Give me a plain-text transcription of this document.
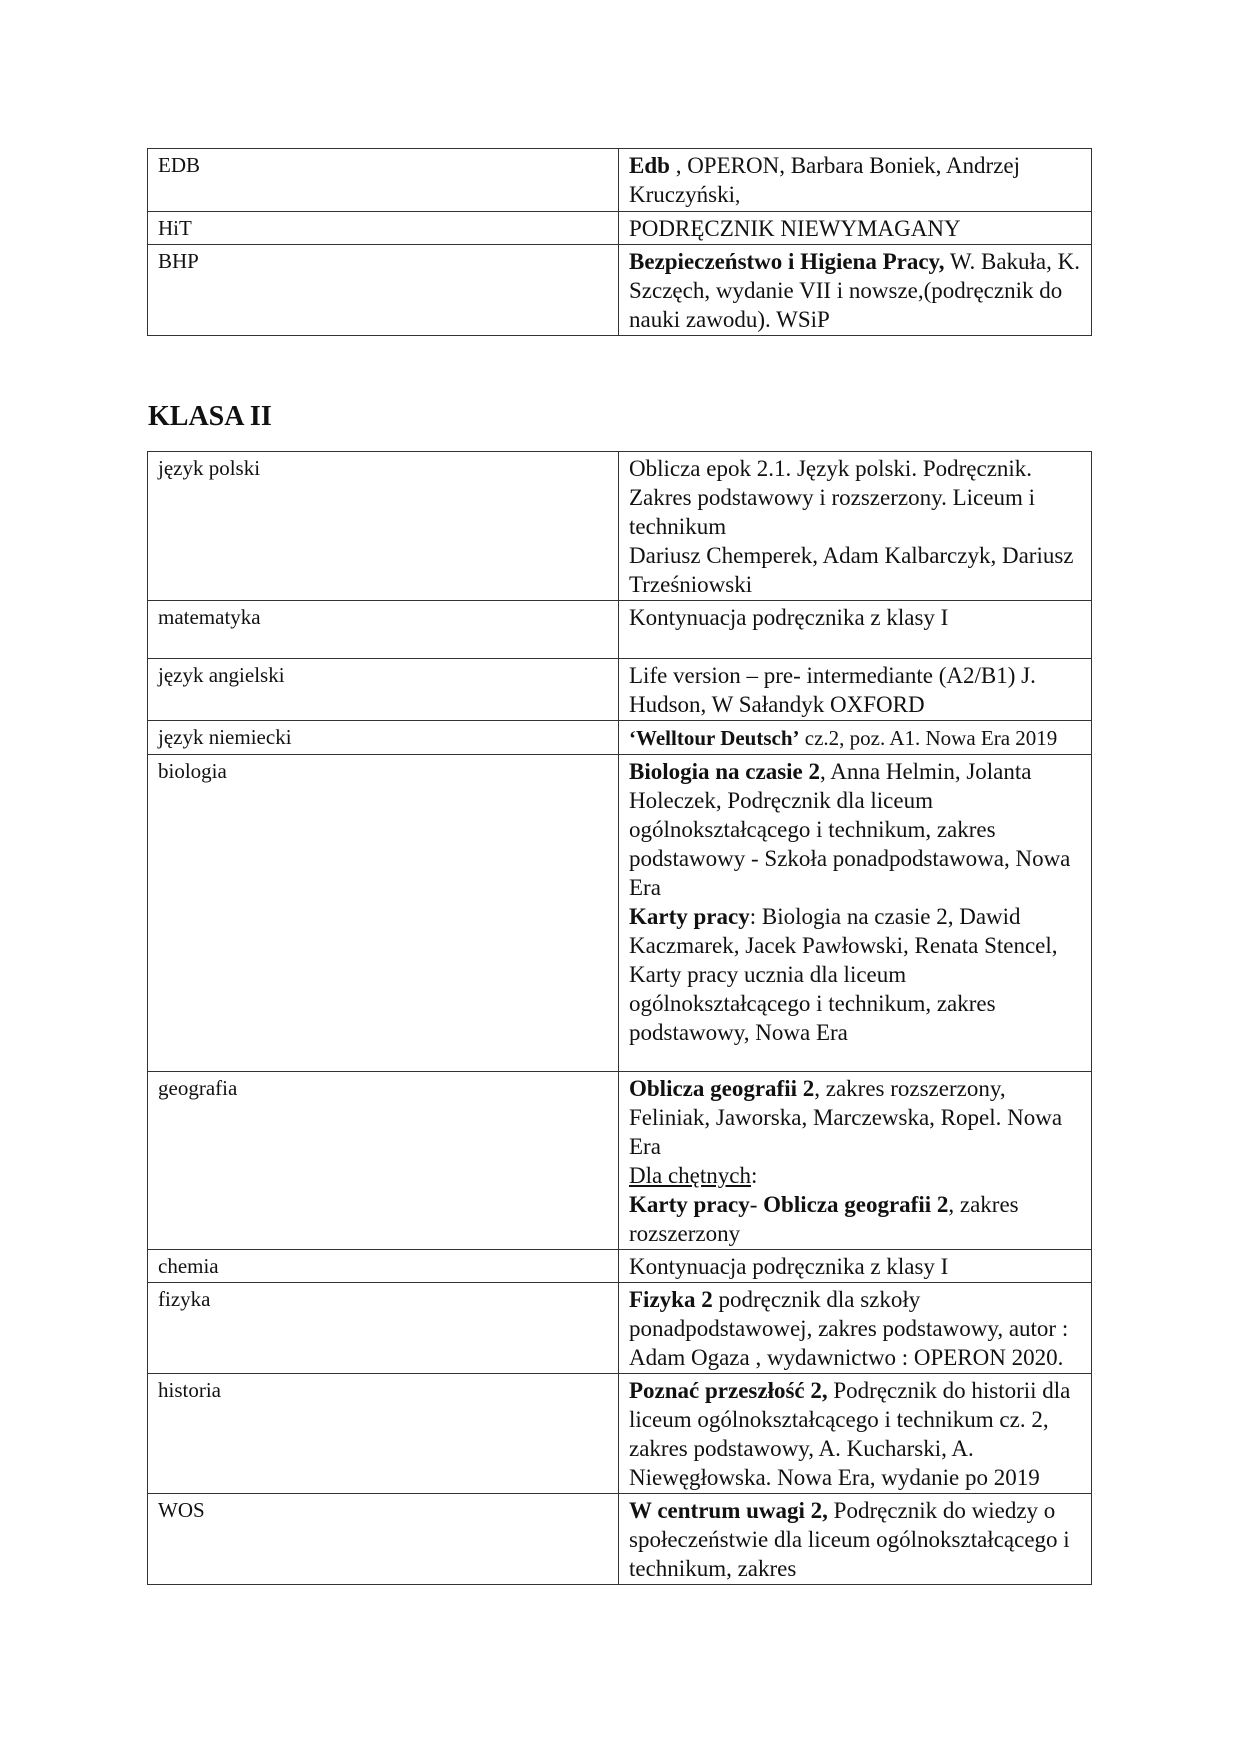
EDB	Edb , OPERON, Barbara Boniek, Andrzej Kruczyński,
HiT	PODRĘCZNIK NIEWYMAGANY
BHP	Bezpieczeństwo i Higiena Pracy, W. Bakuła, K. Szczęch, wydanie VII i nowsze,(podręcznik do nauki zawodu). WSiP
KLASA II
język polski	Oblicza epok 2.1. Język polski. Podręcznik. Zakres podstawowy i rozszerzony. Liceum i technikum
Dariusz Chemperek, Adam Kalbarczyk, Dariusz Trześniowski
matematyka	Kontynuacja podręcznika z klasy I
język angielski	Life version – pre- intermediante (A2/B1) J. Hudson, W Sałandyk OXFORD
język niemiecki	‘Welltour Deutsch’ cz.2, poz. A1. Nowa Era 2019
biologia	Biologia na czasie 2, Anna Helmin, Jolanta Holeczek, Podręcznik dla liceum ogólnokształcącego i technikum, zakres podstawowy - Szkoła ponadpodstawowa, Nowa Era
Karty pracy: Biologia na czasie 2, Dawid Kaczmarek, Jacek Pawłowski, Renata Stencel, Karty pracy ucznia dla liceum ogólnokształcącego i technikum, zakres podstawowy, Nowa Era
geografia	Oblicza geografii 2, zakres rozszerzony, Feliniak, Jaworska, Marczewska, Ropel. Nowa Era
Dla chętnych:
Karty pracy- Oblicza geografii 2, zakres rozszerzony
chemia	Kontynuacja podręcznika z klasy I
fizyka	Fizyka 2 podręcznik dla szkoły ponadpodstawowej, zakres podstawowy, autor : Adam Ogaza , wydawnictwo : OPERON 2020.
historia	Poznać przeszłość 2, Podręcznik do historii dla liceum ogólnokształcącego i technikum cz. 2, zakres podstawowy, A. Kucharski, A. Niewęgłowska. Nowa Era, wydanie po 2019
WOS	W centrum uwagi 2, Podręcznik do wiedzy o społeczeństwie dla liceum ogólnokształcącego i technikum, zakres
